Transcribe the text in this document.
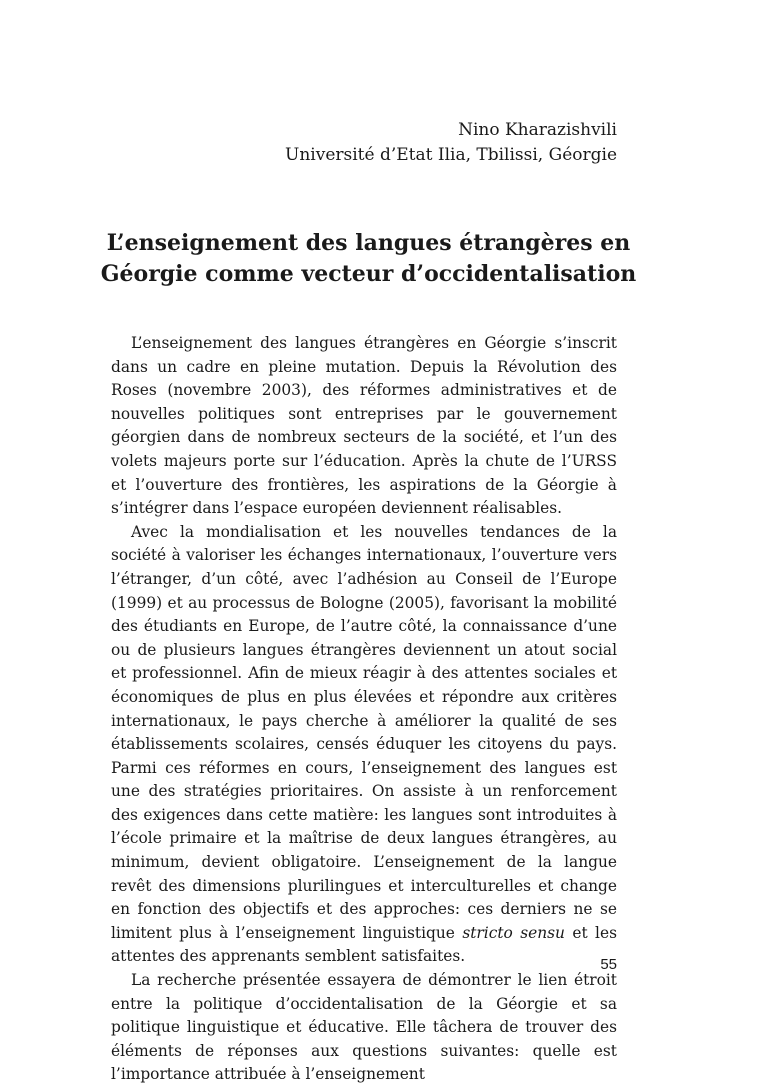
Nino Kharazishvili
Université d’Etat Ilia, Tbilissi, Géorgie
L’enseignement des langues étrangères en
Géorgie comme vecteur d’occidentalisation

L’enseignement des langues étrangères en Géorgie s’inscrit dans un cadre en pleine mutation. Depuis la Révolution des Roses (novembre 2003), des réformes administratives et de nouvelles politiques sont entreprises par le gouvernement géorgien dans de nombreux secteurs de la société, et l’un des volets majeurs porte sur l’éducation. Après la chute de l’URSS et l’ouverture des frontières, les aspirations de la Géorgie à s’intégrer dans l’espace européen deviennent réalisables.

Avec la mondialisation et les nouvelles tendances de la société à valoriser les échanges internationaux, l’ouverture vers l’étranger, d’un côté, avec l’adhésion au Conseil de l’Europe (1999) et au processus de Bologne (2005), favorisant la mobilité des étudiants en Europe, de l’autre côté, la connaissance d’une ou de plusieurs langues étrangères deviennent un atout social et professionnel. Afin de mieux réagir à des attentes sociales et économiques de plus en plus élevées et répondre aux critères internationaux, le pays cherche à améliorer la qualité de ses établissements scolaires, censés éduquer les citoyens du pays. Parmi ces réformes en cours, l’enseignement des langues est une des stratégies prioritaires. On assiste à un renforcement des exigences dans cette matière: les langues sont introduites à l’école primaire et la maîtrise de deux langues étrangères, au minimum, devient obligatoire. L’enseignement de la langue revêt des dimensions plurilingues et interculturelles et change en fonction des objectifs et des approches: ces derniers ne se limitent plus à l’enseignement linguistique stricto sensu et les attentes des apprenants semblent satisfaites.

La recherche présentée essayera de démontrer le lien étroit entre la politique d’occidentalisation de la Géorgie et sa politique linguistique et éducative. Elle tâchera de trouver des éléments de réponses aux questions suivantes: quelle est l’importance attribuée à l’enseignement

55
